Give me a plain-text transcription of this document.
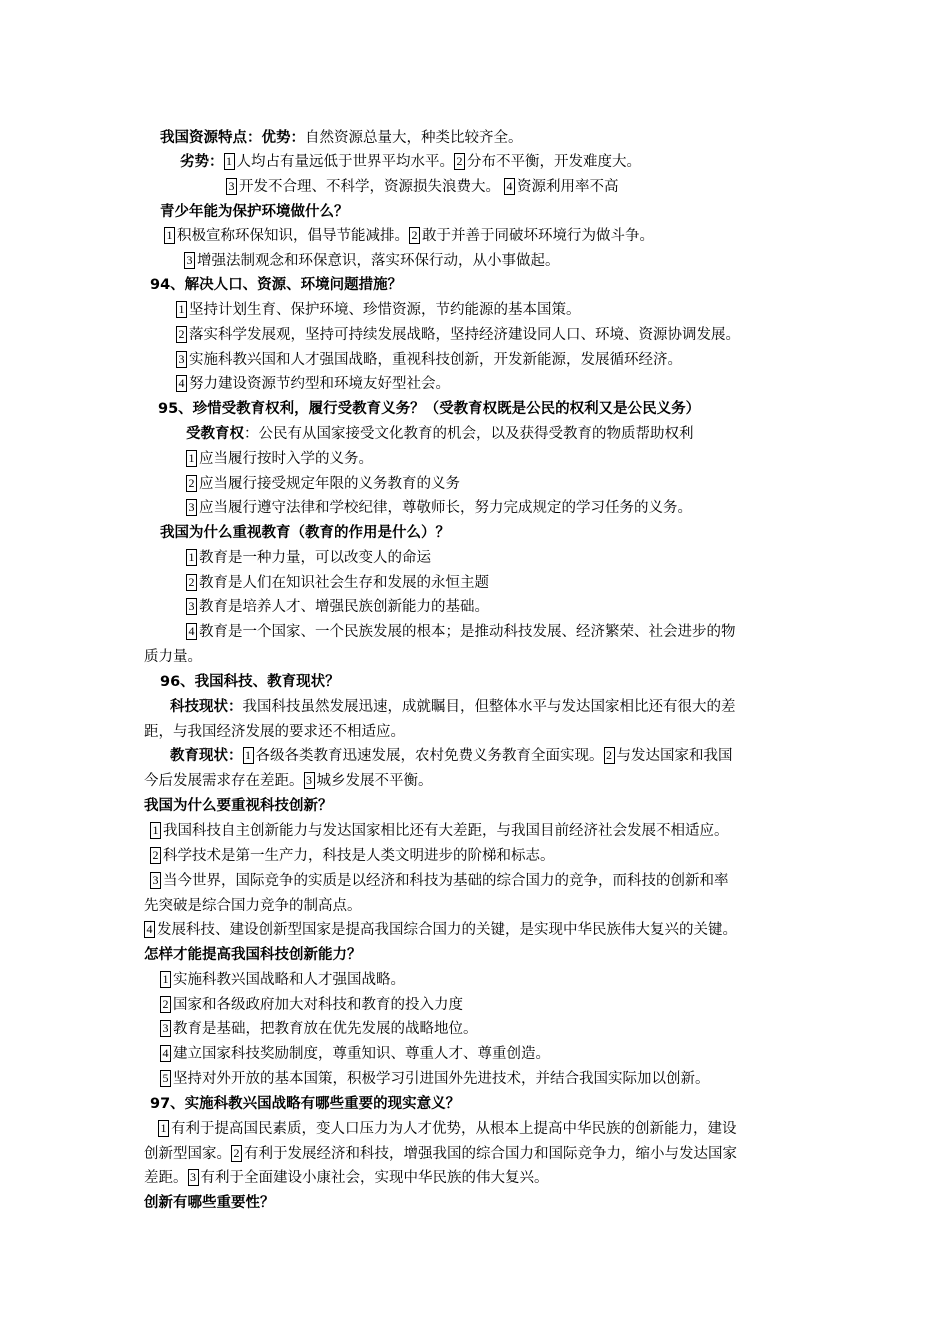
我国资源特点：优势：自然资源总量大，种类比较齐全。
劣势： 1 人均占有量远低于世界平均水平。 2 分布不平衡，开发难度大。
3 开发不合理、不科学，资源损失浪费大。 4 资源利用率不高
青少年能为保护环境做什么？
1 积极宣称环保知识，倡导节能减排。 2 敢于并善于同破坏环境行为做斗争。
3 增强法制观念和环保意识，落实环保行动，从小事做起。
94、解决人口、资源、环境问题措施？
1 坚持计划生育、保护环境、珍惜资源，节约能源的基本国策。
2 落实科学发展观，坚持可持续发展战略，坚持经济建设同人口、环境、资源协调发展。
3 实施科教兴国和人才强国战略，重视科技创新，开发新能源，发展循环经济。
4 努力建设资源节约型和环境友好型社会。
95、珍惜受教育权利，履行受教育义务？（受教育权既是公民的权利又是公民义务）
受教育权：公民有从国家接受文化教育的机会，以及获得受教育的物质帮助权利
1 应当履行按时入学的义务。
2 应当履行接受规定年限的义务教育的义务
3 应当履行遵守法律和学校纪律，尊敬师长，努力完成规定的学习任务的义务。
我国为什么重视教育（教育的作用是什么）？
1 教育是一种力量，可以改变人的命运
2 教育是人们在知识社会生存和发展的永恒主题
3 教育是培养人才、增强民族创新能力的基础。
4 教育是一个国家、一个民族发展的根本；是推动科技发展、经济繁荣、社会进步的物
质力量。
96、我国科技、教育现状？
科技现状：我国科技虽然发展迅速，成就瞩目，但整体水平与发达国家相比还有很大的差
距，与我国经济发展的要求还不相适应。
教育现状： 1 各级各类教育迅速发展，农村免费义务教育全面实现。 2 与发达国家和我国
今后发展需求存在差距。 3 城乡发展不平衡。
我国为什么要重视科技创新？
1 我国科技自主创新能力与发达国家相比还有大差距，与我国目前经济社会发展不相适应。
2 科学技术是第一生产力，科技是人类文明进步的阶梯和标志。
3 当今世界，国际竞争的实质是以经济和科技为基础的综合国力的竞争，而科技的创新和率
先突破是综合国力竞争的制高点。
4 发展科技、建设创新型国家是提高我国综合国力的关键，是实现中华民族伟大复兴的关键。
怎样才能提高我国科技创新能力？
1 实施科教兴国战略和人才强国战略。
2 国家和各级政府加大对科技和教育的投入力度
3 教育是基础，把教育放在优先发展的战略地位。
4 建立国家科技奖励制度，尊重知识、尊重人才、尊重创造。
5 坚持对外开放的基本国策，积极学习引进国外先进技术，并结合我国实际加以创新。
97、实施科教兴国战略有哪些重要的现实意义？
1 有利于提高国民素质，变人口压力为人才优势，从根本上提高中华民族的创新能力，建设
创新型国家。 2 有利于发展经济和科技，增强我国的综合国力和国际竞争力，缩小与发达国家
差距。 3 有利于全面建设小康社会，实现中华民族的伟大复兴。
创新有哪些重要性？
